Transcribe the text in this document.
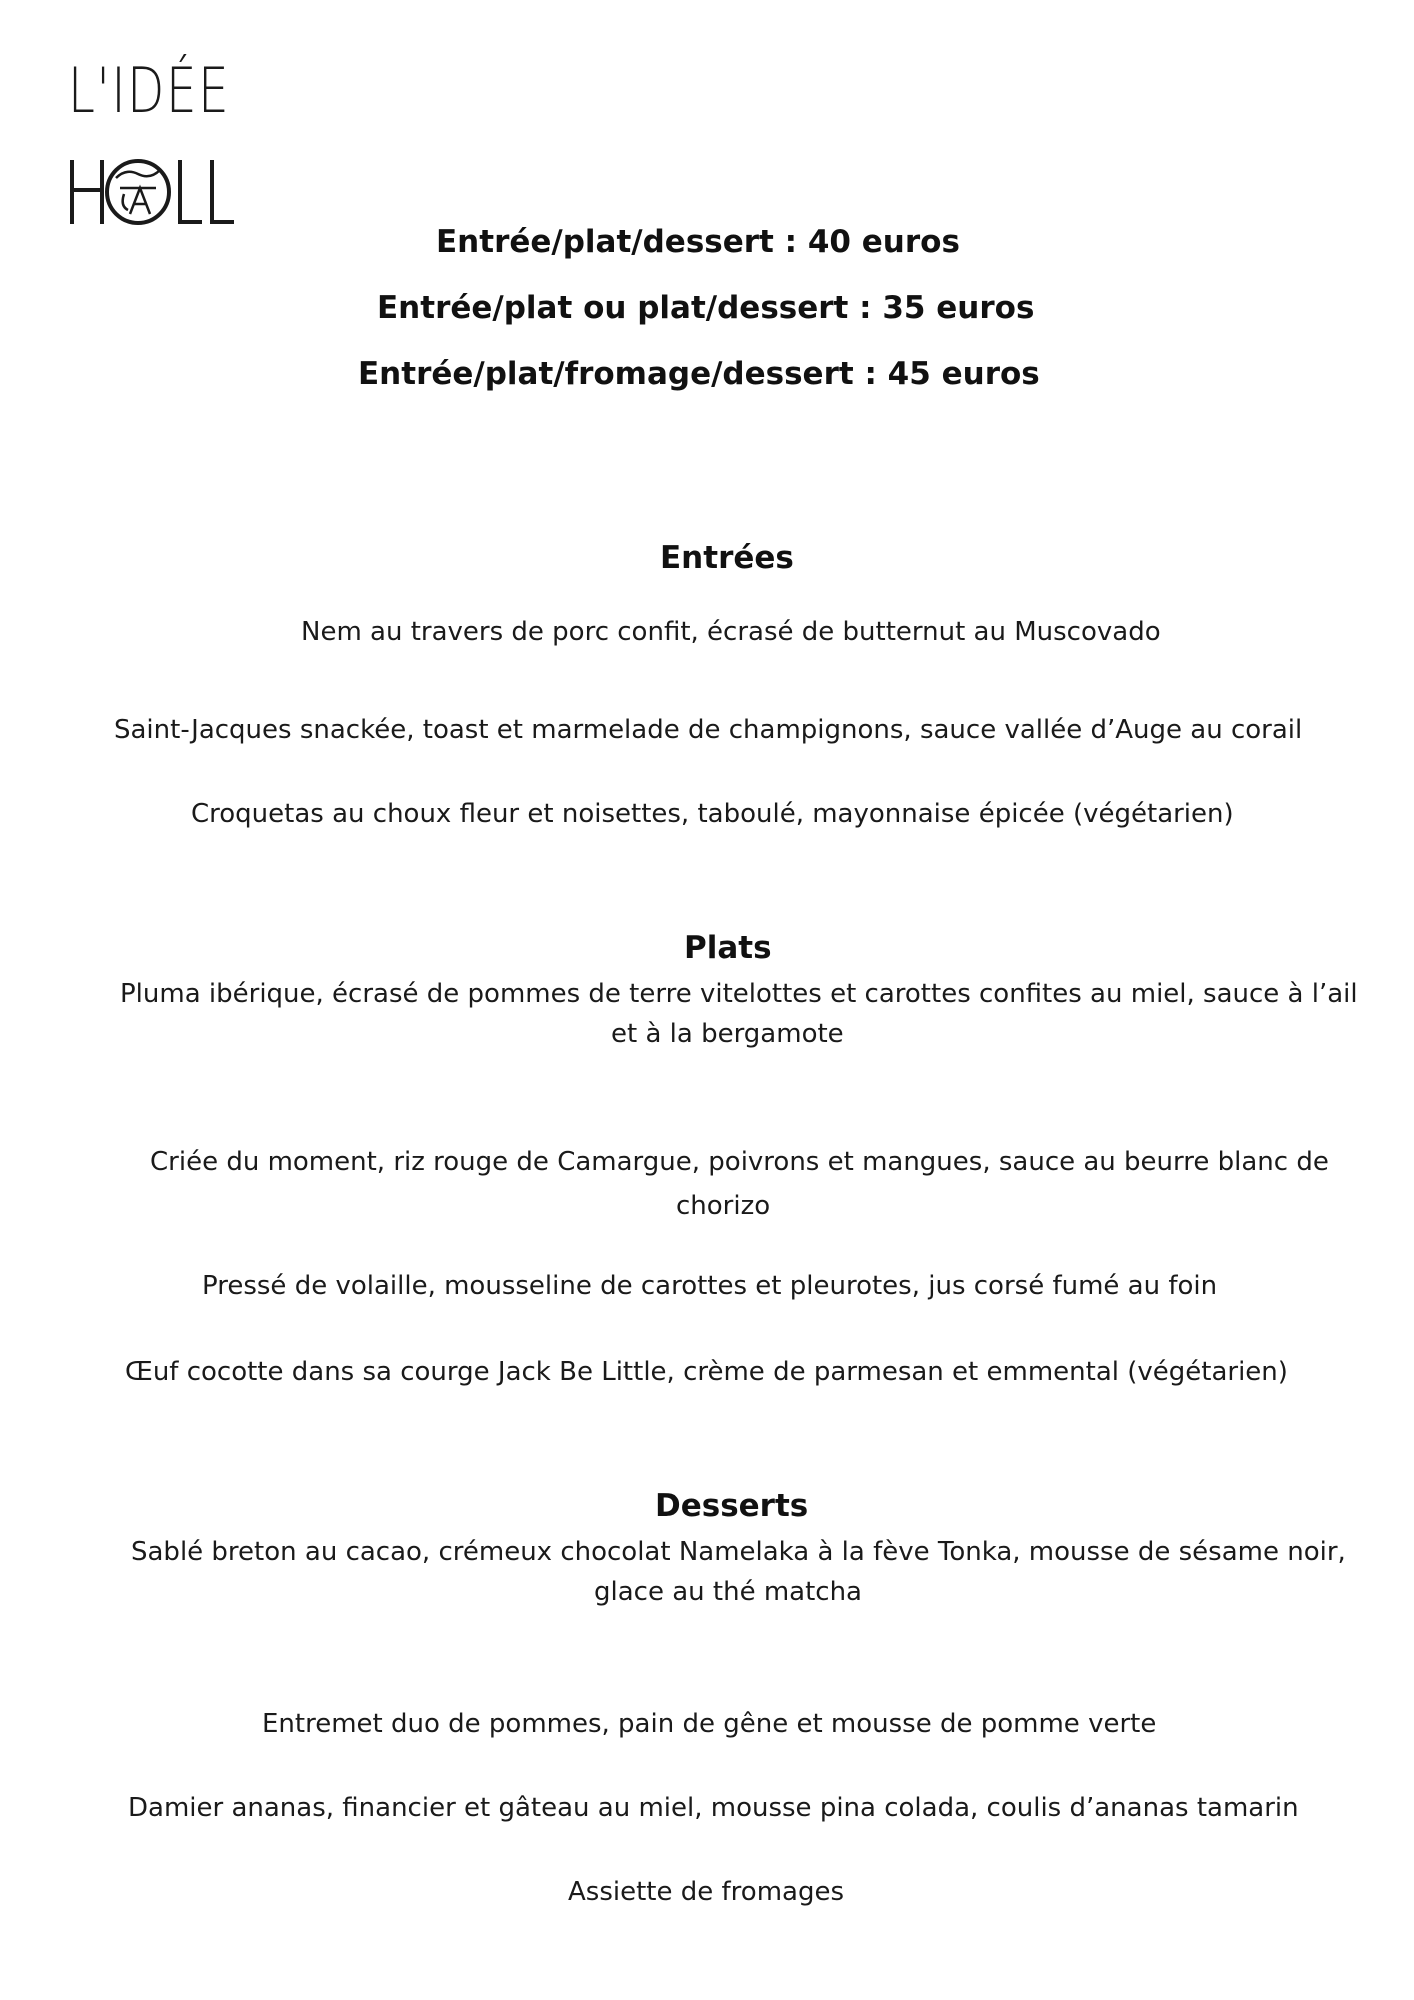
L'IDÉE
Entrée/plat/dessert : 40 euros
Entrée/plat ou plat/dessert : 35 euros
Entrée/plat/fromage/dessert : 45 euros
Entrées
Nem au travers de porc confit, écrasé de butternut au Muscovado
Saint-Jacques snackée, toast et marmelade de champignons, sauce vallée d’Auge au corail
Croquetas au choux fleur et noisettes, taboulé, mayonnaise épicée (végétarien)
Plats
Pluma ibérique, écrasé de pommes de terre vitelottes et carottes confites au miel, sauce à l’ail
et à la bergamote
Criée du moment, riz rouge de Camargue, poivrons et mangues, sauce au beurre blanc de
chorizo
Pressé de volaille, mousseline de carottes et pleurotes, jus corsé fumé au foin
Œuf cocotte dans sa courge Jack Be Little, crème de parmesan et emmental (végétarien)
Desserts
Sablé breton au cacao, crémeux chocolat Namelaka à la fève Tonka, mousse de sésame noir,
glace au thé matcha
Entremet duo de pommes, pain de gêne et mousse de pomme verte
Damier ananas, financier et gâteau au miel, mousse pina colada, coulis d’ananas tamarin
Assiette de fromages
